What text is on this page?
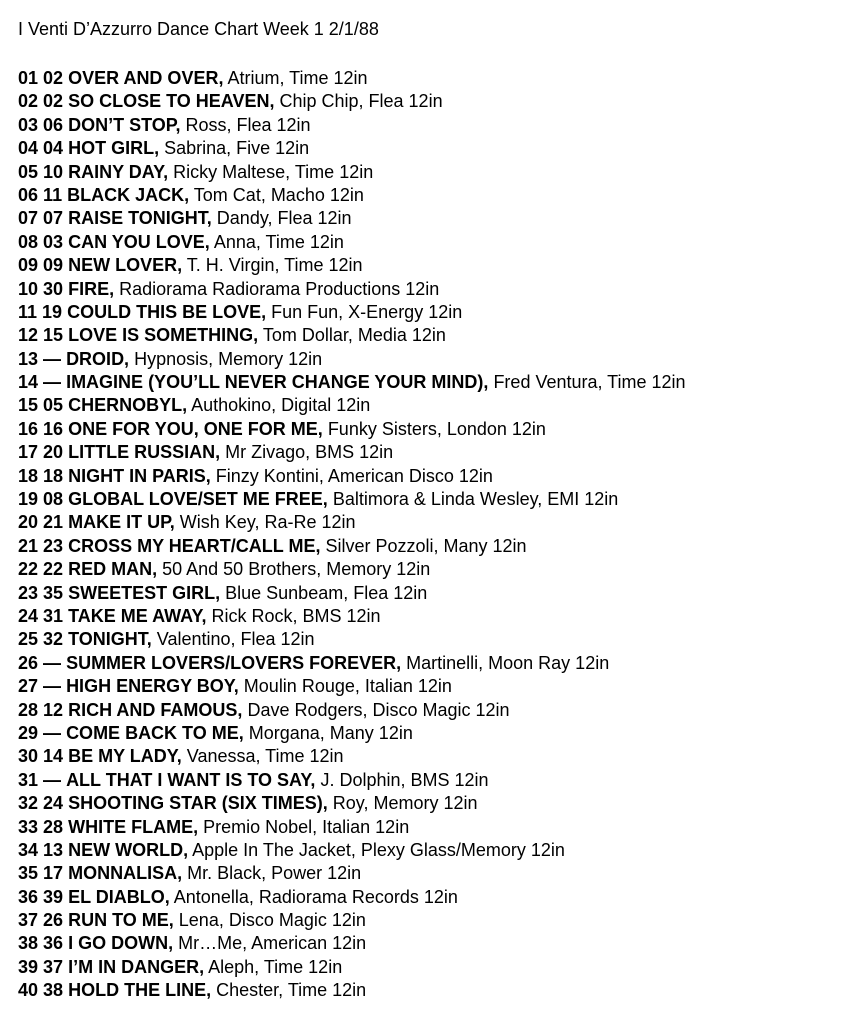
I Venti D’Azzurro Dance Chart Week 1 2/1/88
01 02 OVER AND OVER, Atrium, Time 12in
02 02 SO CLOSE TO HEAVEN, Chip Chip, Flea 12in
03 06 DON’T STOP, Ross, Flea 12in
04 04 HOT GIRL, Sabrina, Five 12in
05 10 RAINY DAY, Ricky Maltese, Time 12in
06 11 BLACK JACK, Tom Cat, Macho 12in
07 07 RAISE TONIGHT, Dandy, Flea 12in
08 03 CAN YOU LOVE, Anna, Time 12in
09 09 NEW LOVER, T. H. Virgin, Time 12in
10 30 FIRE, Radiorama Radiorama Productions 12in
11 19 COULD THIS BE LOVE, Fun Fun, X-Energy 12in
12 15 LOVE IS SOMETHING, Tom Dollar, Media 12in
13 — DROID, Hypnosis, Memory 12in
14 — IMAGINE (YOU’LL NEVER CHANGE YOUR MIND), Fred Ventura, Time 12in
15 05 CHERNOBYL, Authokino, Digital 12in
16 16 ONE FOR YOU, ONE FOR ME, Funky Sisters, London 12in
17 20 LITTLE RUSSIAN, Mr Zivago, BMS 12in
18 18 NIGHT IN PARIS, Finzy Kontini, American Disco 12in
19 08 GLOBAL LOVE/SET ME FREE, Baltimora & Linda Wesley, EMI 12in
20 21 MAKE IT UP, Wish Key, Ra-Re 12in
21 23 CROSS MY HEART/CALL ME, Silver Pozzoli, Many 12in
22 22 RED MAN, 50 And 50 Brothers, Memory 12in
23 35 SWEETEST GIRL, Blue Sunbeam, Flea 12in
24 31 TAKE ME AWAY, Rick Rock, BMS 12in
25 32 TONIGHT, Valentino, Flea 12in
26 — SUMMER LOVERS/LOVERS FOREVER, Martinelli, Moon Ray 12in
27 — HIGH ENERGY BOY, Moulin Rouge, Italian 12in
28 12 RICH AND FAMOUS, Dave Rodgers, Disco Magic 12in
29 — COME BACK TO ME, Morgana, Many 12in
30 14 BE MY LADY, Vanessa, Time 12in
31 — ALL THAT I WANT IS TO SAY, J. Dolphin, BMS 12in
32 24 SHOOTING STAR (SIX TIMES), Roy, Memory 12in
33 28 WHITE FLAME, Premio Nobel, Italian 12in
34 13 NEW WORLD, Apple In The Jacket, Plexy Glass/Memory 12in
35 17 MONNALISA, Mr. Black, Power 12in
36 39 EL DIABLO, Antonella, Radiorama Records 12in
37 26 RUN TO ME, Lena, Disco Magic 12in
38 36 I GO DOWN, Mr…Me, American 12in
39 37 I’M IN DANGER, Aleph, Time 12in
40 38 HOLD THE LINE, Chester, Time 12in
